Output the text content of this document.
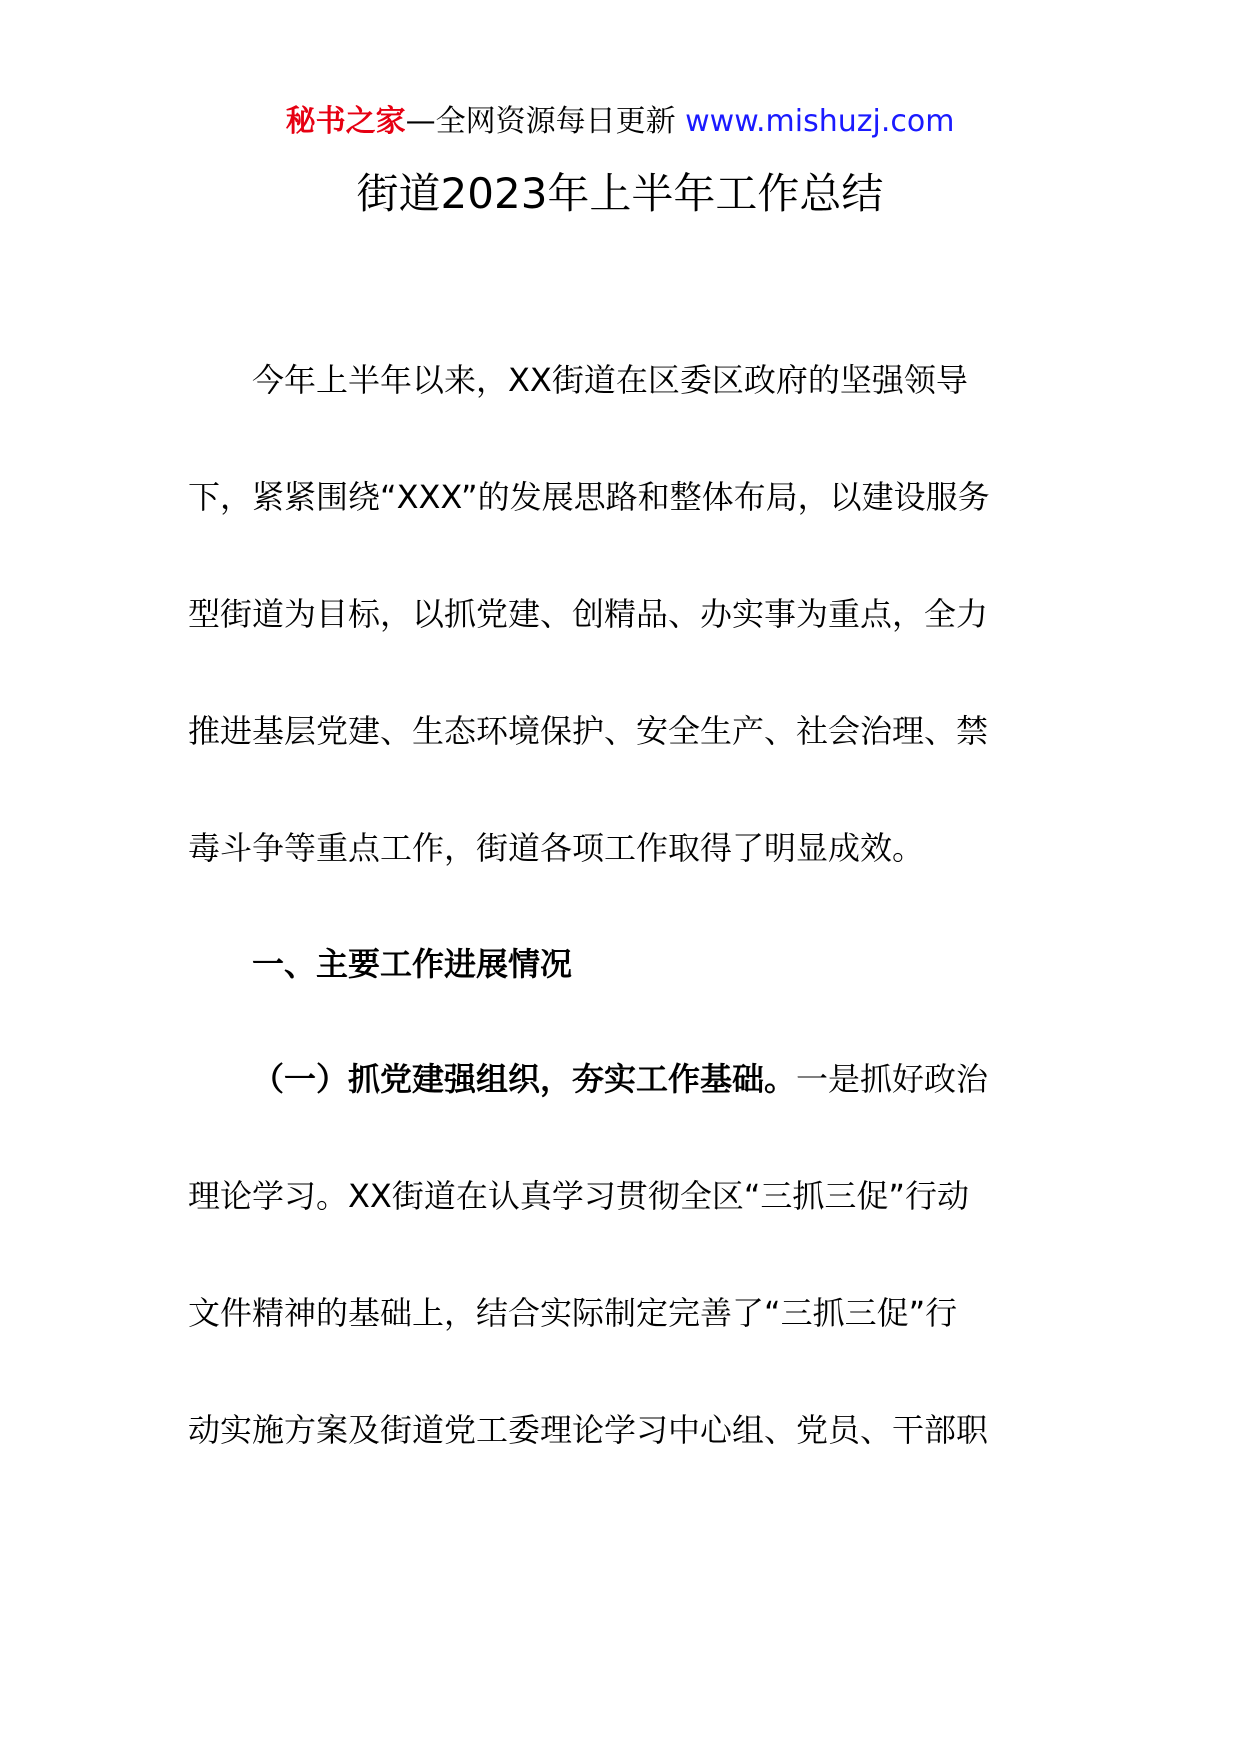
秘书之家—全网资源每日更新 www.mishuzj.com
街道2023年上半年工作总结
今年上半年以来，XX街道在区委区政府的坚强领导
下，紧紧围绕“XXX”的发展思路和整体布局，以建设服务
型街道为目标，以抓党建、创精品、办实事为重点，全力
推进基层党建、生态环境保护、安全生产、社会治理、禁
毒斗争等重点工作，街道各项工作取得了明显成效。
一、主要工作进展情况
（一）抓党建强组织，夯实工作基础。一是抓好政治
理论学习。XX街道在认真学习贯彻全区“三抓三促”行动
文件精神的基础上，结合实际制定完善了“三抓三促”行
动实施方案及街道党工委理论学习中心组、党员、干部职
